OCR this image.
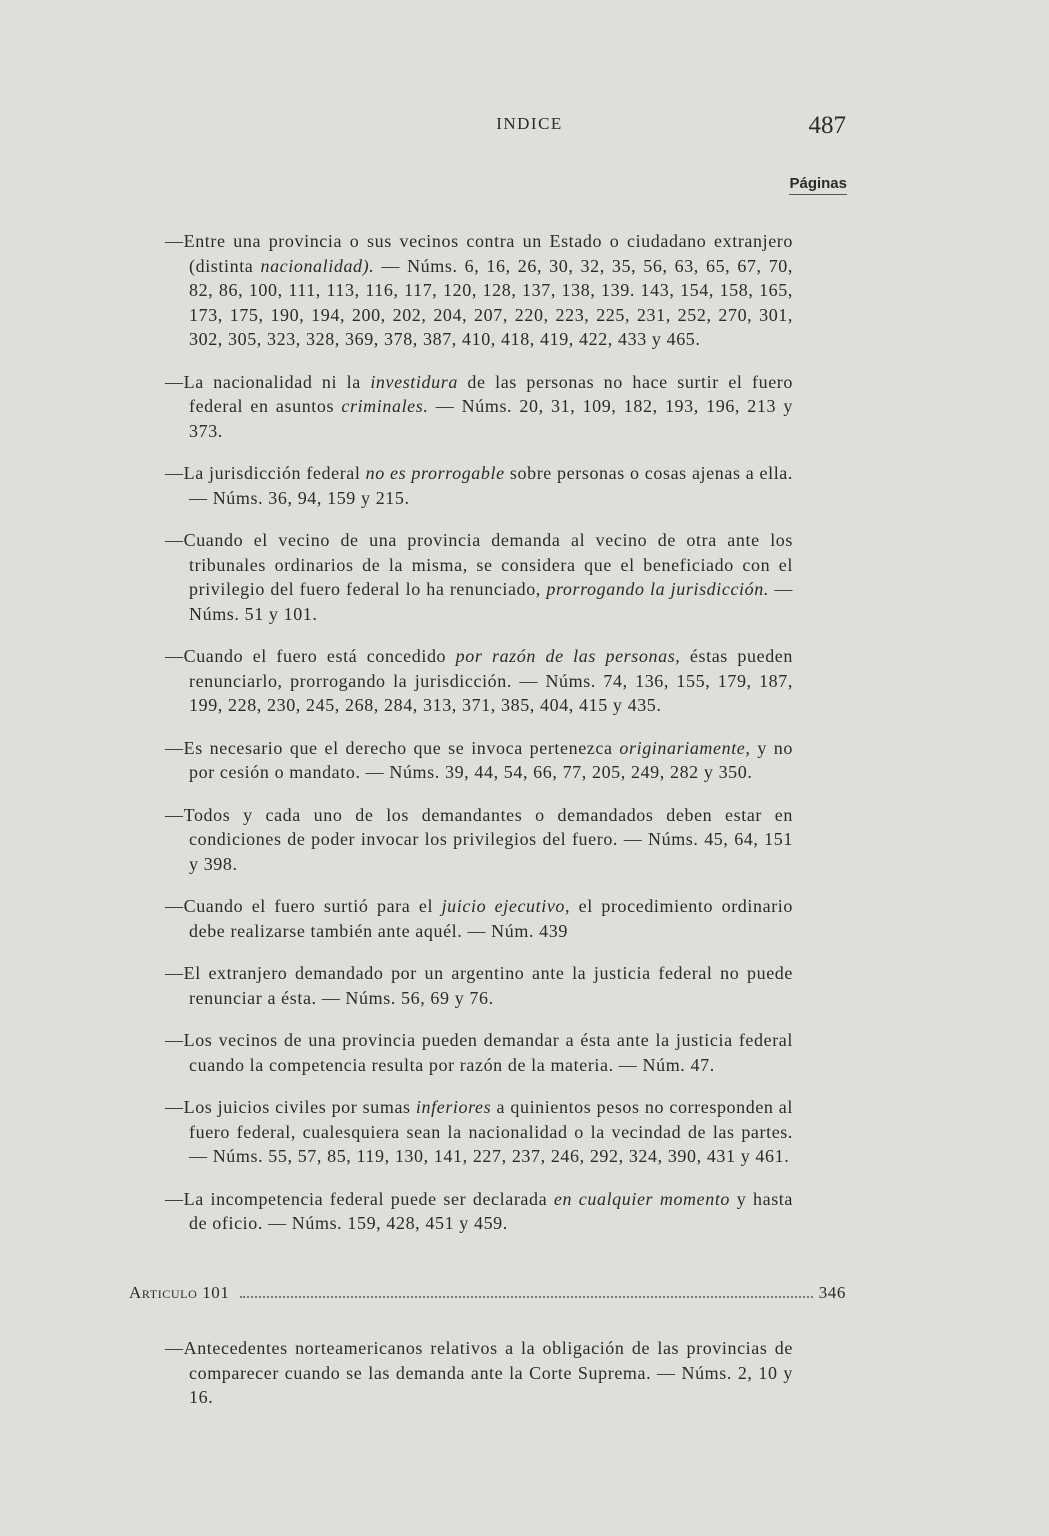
INDICE	487
Páginas

—Entre una provincia o sus vecinos contra un Estado o ciudadano extranjero (distinta nacionalidad). — Núms. 6, 16, 26, 30, 32, 35, 56, 63, 65, 67, 70, 82, 86, 100, 111, 113, 116, 117, 120, 128, 137, 138, 139. 143, 154, 158, 165, 173, 175, 190, 194, 200, 202, 204, 207, 220, 223, 225, 231, 252, 270, 301, 302, 305, 323, 328, 369, 378, 387, 410, 418, 419, 422, 433 y 465.

—La nacionalidad ni la investidura de las personas no hace surtir el fuero federal en asuntos criminales. — Núms. 20, 31, 109, 182, 193, 196, 213 y 373.

—La jurisdicción federal no es prorrogable sobre personas o cosas ajenas a ella. — Núms. 36, 94, 159 y 215.

—Cuando el vecino de una provincia demanda al vecino de otra ante los tribunales ordinarios de la misma, se considera que el beneficiado con el privilegio del fuero federal lo ha renunciado, prorrogando la jurisdicción. — Núms. 51 y 101.

—Cuando el fuero está concedido por razón de las personas, éstas pueden renunciarlo, prorrogando la jurisdicción. — Núms. 74, 136, 155, 179, 187, 199, 228, 230, 245, 268, 284, 313, 371, 385, 404, 415 y 435.

—Es necesario que el derecho que se invoca pertenezca originariamente, y no por cesión o mandato. — Núms. 39, 44, 54, 66, 77, 205, 249, 282 y 350.

—Todos y cada uno de los demandantes o demandados deben estar en condiciones de poder invocar los privilegios del fuero. — Núms. 45, 64, 151 y 398.

—Cuando el fuero surtió para el juicio ejecutivo, el procedimiento ordinario debe realizarse también ante aquél. — Núm. 439

—El extranjero demandado por un argentino ante la justicia federal no puede renunciar a ésta. — Núms. 56, 69 y 76.

—Los vecinos de una provincia pueden demandar a ésta ante la justicia federal cuando la competencia resulta por razón de la materia. — Núm. 47.

—Los juicios civiles por sumas inferiores a quinientos pesos no corresponden al fuero federal, cualesquiera sean la nacionalidad o la vecindad de las partes. — Núms. 55, 57, 85, 119, 130, 141, 227, 237, 246, 292, 324, 390, 431 y 461.

—La incompetencia federal puede ser declarada en cualquier momento y hasta de oficio. — Núms. 159, 428, 451 y 459.

Articulo 101	346

—Antecedentes norteamericanos relativos a la obligación de las provincias de comparecer cuando se las demanda ante la Corte Suprema. — Núms. 2, 10 y 16.
